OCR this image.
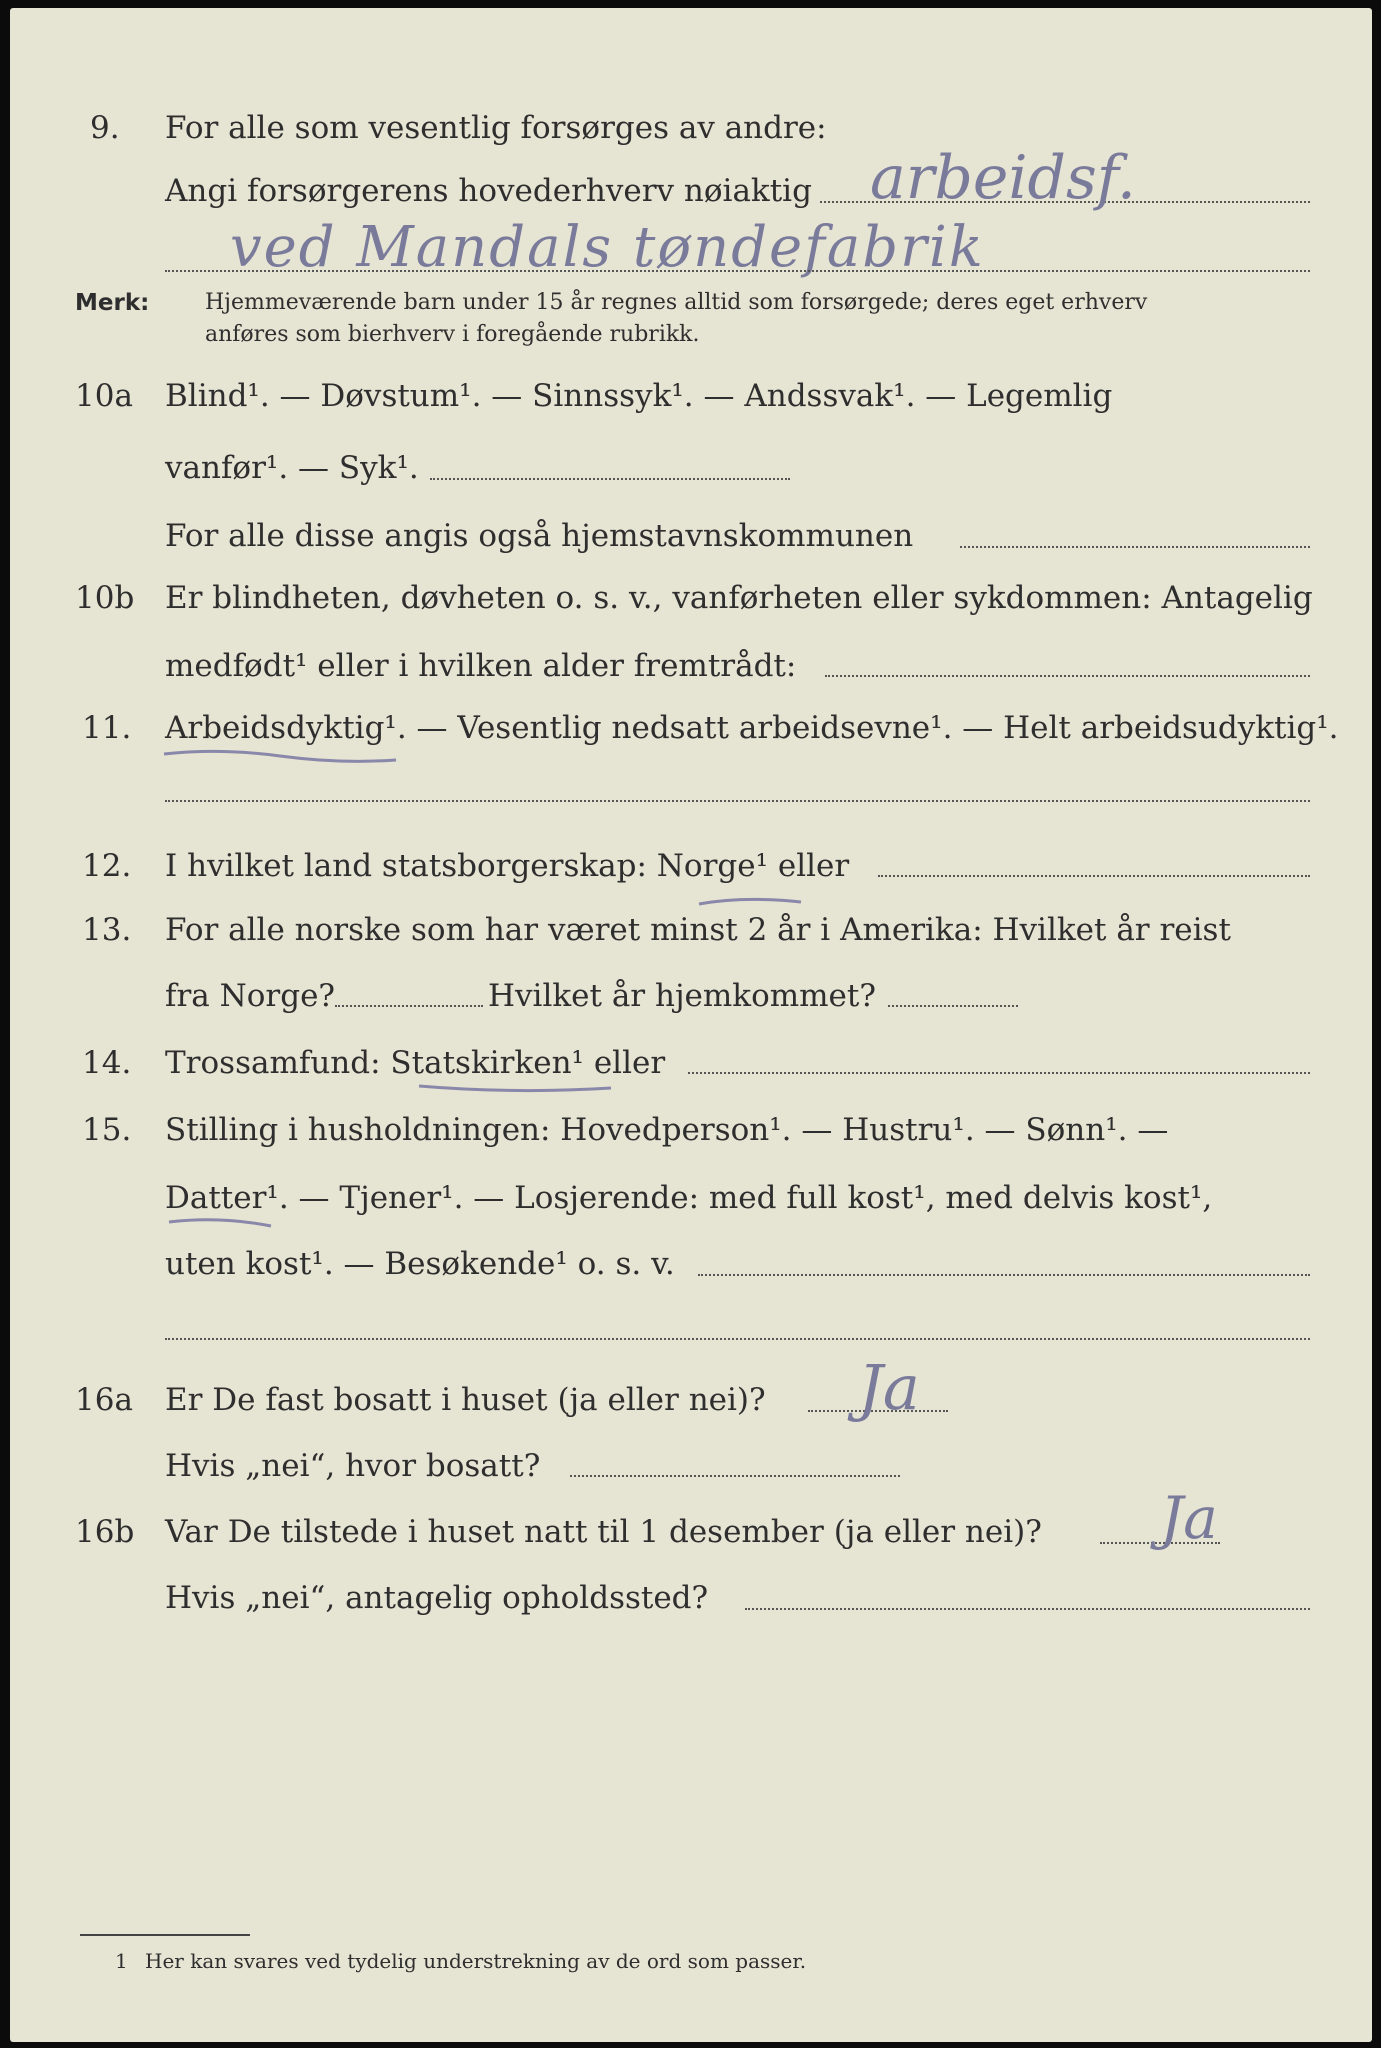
9. For alle som vesentlig forsørges av andre:
Angi forsørgerens hovederhverv nøiaktig arbeidsf.
ved Mandals tøndefabrik
Merk:	Hjemmeværende barn under 15 år regnes alltid som forsørgede; deres eget erhverv
anføres som bierhverv i foregående rubrikk.
10a Blind¹. — Døvstum¹. — Sinnssyk¹. — Andssvak¹. — Legemlig
vanfør¹. — Syk¹.
For alle disse angis også hjemstavnskommunen
10b Er blindheten, døvheten o. s. v., vanførheten eller sykdommen: Antagelig
medfødt¹ eller i hvilken alder fremtrådt:
11. Arbeidsdyktig¹. — Vesentlig nedsatt arbeidsevne¹. — Helt arbeidsudyktig¹.
12. I hvilket land statsborgerskap: Norge¹ eller
13. For alle norske som har været minst 2 år i Amerika: Hvilket år reist
fra Norge?	Hvilket år hjemkommet?
14. Trossamfund: Statskirken¹ eller
15. Stilling i husholdningen: Hovedperson¹. — Hustru¹. — Sønn¹. —
Datter¹. — Tjener¹. — Losjerende: med full kost¹, med delvis kost¹,
uten kost¹. — Besøkende¹ o. s. v.
16a Er De fast bosatt i huset (ja eller nei)? Ja
Hvis „nei“, hvor bosatt?
16b Var De tilstede i huset natt til 1 desember (ja eller nei)? Ja
Hvis „nei“, antagelig opholdssted?
1 Her kan svares ved tydelig understrekning av de ord som passer.
